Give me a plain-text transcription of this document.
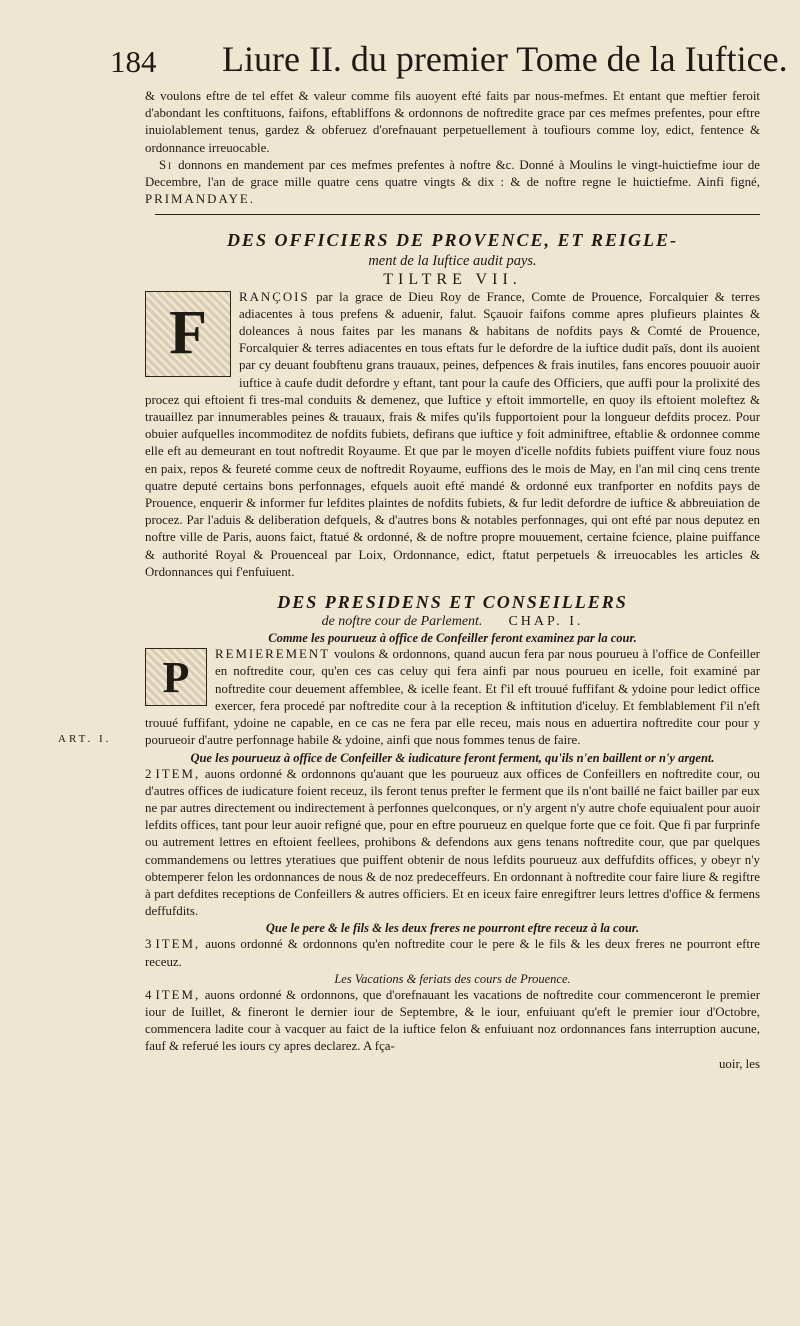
184 Liure II. du premier Tome de la Iuftice.
ART. I.

& voulons eftre de tel effet & valeur comme fils auoyent efté faits par nous-mefmes. Et entant que meftier feroit d'abondant les conftituons, faifons, eftabliffons & ordonnons de noftredite grace par ces mefmes prefentes, pour eftre inuiolablement tenus, gardez & obferuez d'orefnauant perpetuellement à toufiours comme loy, edict, fentence & ordonnance irreuocable.

Si donnons en mandement par ces mefmes prefentes à noftre &c. Donné à Moulins le vingt-huictiefme iour de Decembre, l'an de grace mille quatre cens quatre vingts & dix : & de noftre regne le huictiefme. Ainfi figné, PRIMANDAYE.

DES OFFICIERS DE PROVENCE, ET REIGLE-

ment de la Iuftice audit pays.

TILTRE VII.

F
RANÇOIS par la grace de Dieu Roy de France, Comte de Prouence, Forcalquier & terres adiacentes à tous prefens & aduenir, falut. Sçauoir faifons comme apres plufieurs plaintes & doleances à nous faites par les manans & habitans de nofdits pays & Comté de Prouence, Forcalquier & terres adiacentes en tous eftats fur le defordre de la iuftice dudit païs, dont ils auoient par cy deuant foubftenu grans trauaux, peines, defpences & frais inutiles, fans encores pouuoir auoir iuftice à caufe dudit defordre y eftant, tant pour la caufe des Officiers, que auffi pour la prolixité des procez qui eftoient fi tres-mal conduits & demenez, que Iuftice y eftoit immortelle, en quoy ils eftoient moleftez & trauaillez par innumerables peines & trauaux, frais & mifes qu'ils fupportoient pour la longueur defdits procez. Pour obuier aufquelles incommoditez de nofdits fubiets, defirans que iuftice y foit adminiftree, eftablie & ordonnee comme elle eft au demeurant en tout noftredit Royaume. Et que par le moyen d'icelle nofdits fubiets puiffent viure fouz nous en paix, repos & feureté comme ceux de noftredit Royaume, euffions des le mois de May, en l'an mil cinq cens trente quatre deputé certains bons perfonnages, efquels auoit efté mandé & ordonné eux tranfporter en nofdits pays de Prouence, enquerir & informer fur lefdites plaintes de nofdits fubiets, & fur ledit defordre de iuftice & abbreuiation de procez. Par l'aduis & deliberation defquels, & d'autres bons & notables perfonnages, qui ont efté par nous deputez en noftre ville de Paris, auons faict, ftatué & ordonné, & de noftre propre mouuement, certaine fcience, plaine puiffance & authorité Royal & Prouenceal par Loix, Ordonnance, edict, ftatut perpetuels & irreuocables les articles & Ordonnances qui f'enfuiuent.

DES PRESIDENS ET CONSEILLERS

de noftre cour de Parlement. CHAP. I.

Comme les pourueuz à office de Confeiller feront examinez par la cour.

P	REMIEREMENT voulons & ordonnons, quand aucun fera par nous pourueu à l'office de Confeiller en noftredite cour, qu'en ces cas celuy qui fera ainfi par nous pourueu en icelle, foit examiné par noftredite cour deuement affemblee, & icelle feant. Et f'il eft trouué fuffifant & ydoine pour ledict office exercer, fera procedé par noftredite cour à la reception & inftitution d'iceluy. Et femblablement f'il n'eft trouué fuffifant, ydoine ne capable, en ce cas ne fera par elle receu, mais nous en aduertira noftredite cour pour y pourueoir d'autre perfonnage habile & ydoine, ainfi que nous fommes tenus de faire.

Que les pourueuz à office de Confeiller & iudicature feront ferment, qu'ils n'en baillent or n'y argent.

2 ITEM, auons ordonné & ordonnons qu'auant que les pourueuz aux offices de Confeillers en noftredite cour, ou d'autres offices de iudicature foient receuz, ils feront tenus prefter le ferment que ils n'ont baillé ne faict bailler par eux ne par autres directement ou indirectement à perfonnes quelconques, or n'y argent n'y autre chofe equiualent pour auoir lefdits offices, tant pour leur auoir refigné que, pour en eftre pourueuz en quelque forte que ce foit. Que fi par furprinfe ou autrement lettres en eftoient feellees, prohibons & defendons aux gens tenans noftredite cour, que par quelques commandemens ou lettres yteratiues que puiffent obtenir de nous lefdits pourueuz aux deffufdits offices, y obeyr n'y obtemperer felon les ordonnances de nous & de noz predeceffeurs. En ordonnant à noftredite cour faire liure & regiftre à part defdites receptions de Confeillers & autres officiers. Et en iceux faire enregiftrer leurs lettres d'office & fermens deffufdits.

Que le pere & le fils & les deux freres ne pourront eftre receuz à la cour.

3 ITEM, auons ordonné & ordonnons qu'en noftredite cour le pere & le fils & les deux freres ne pourront eftre receuz.

Les Vacations & feriats des cours de Prouence.

4 ITEM, auons ordonné & ordonnons, que d'orefnauant les vacations de noftredite cour commenceront le premier iour de Iuillet, & fineront le dernier iour de Septembre, & le iour, enfuiuant qu'eft le premier iour d'Octobre, commencera ladite cour à vacquer au faict de la iuftice felon & enfuiuant noz ordonnances fans interruption aucune, fauf & referué les iours cy apres declarez. A fça-

uoir, les
